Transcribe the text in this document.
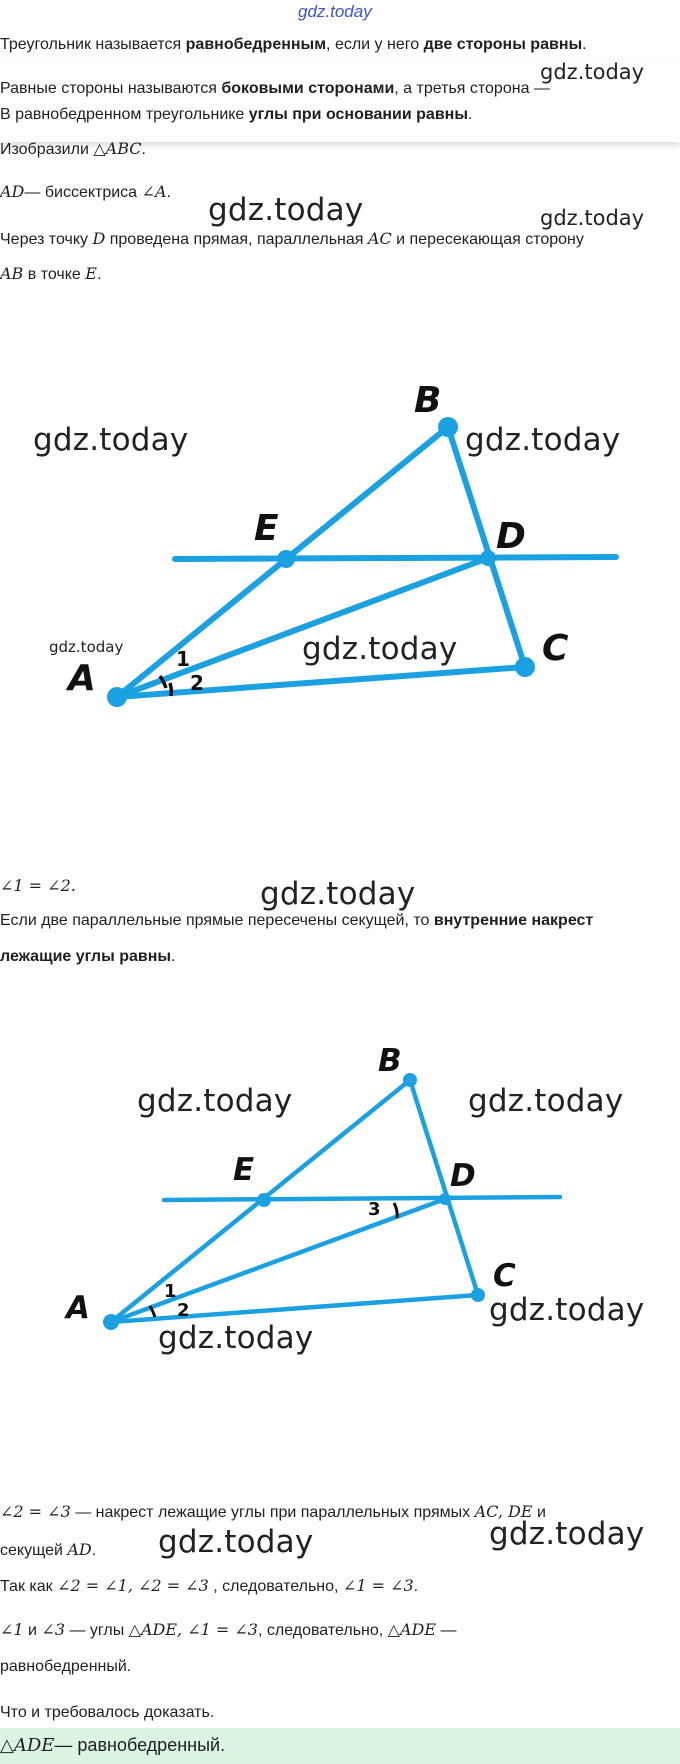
gdz.today
Треугольник называется равнобедренным, если у него две стороны равны.
Равные стороны называются боковыми сторонами, а третья сторона —
В равнобедренном треугольнике углы при основании равны.
gdz.today
Изобразили △ABC.
AD— биссектриса ∠A. gdz.today	gdz.today
Через точку D проведена прямая, параллельная AC и пересекающая сторону
AB в точке E.
A
B
C
D
E
1
2
gdz.today	gdz.today
gdz.today
gdz.today
∠1 = ∠2.	gdz.today
Если две параллельные прямые пересечены секущей, то внутренние накрест
лежащие углы равны.
A
B
C
D
E
1
2
3
gdz.today	gdz.today
gdz.today
gdz.today
∠2 = ∠3 — накрест лежащие углы при параллельных прямых AC, DE и
секущей AD. gdz.today	gdz.today
Так как ∠2 = ∠1, ∠2 = ∠3 , следовательно, ∠1 = ∠3.
∠1 и ∠3 — углы △ADE, ∠1 = ∠3, следовательно, △ADE —
равнобедренный.
Что и требовалось доказать.
△ADE— равнобедренный.
